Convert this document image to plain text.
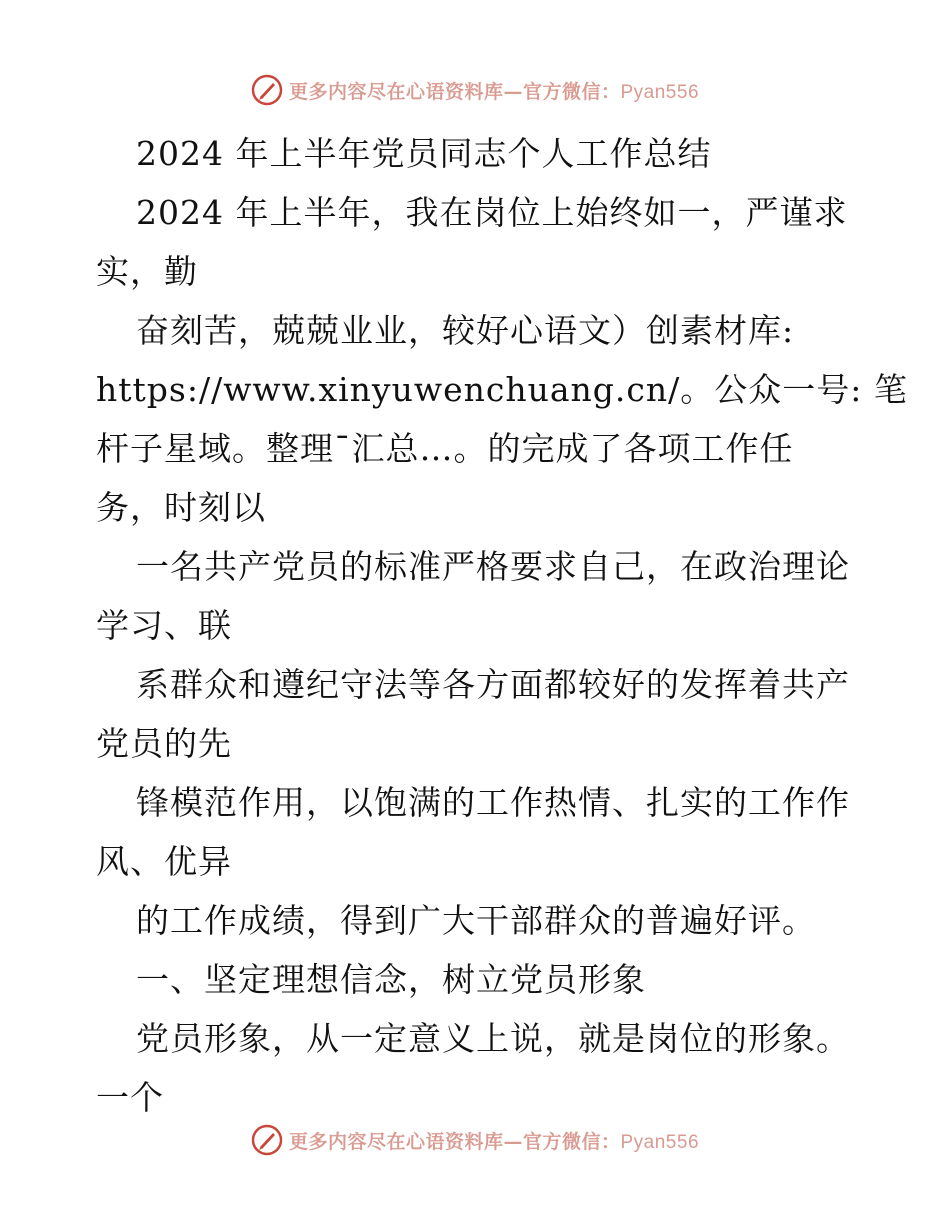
更多内容尽在心语资料库—官方微信：Pyan556
2024 年上半年党员同志个人工作总结
2024 年上半年，我在岗位上始终如一，严谨求
实，勤
奋刻苦，兢兢业业，较好心语文）创素材库:
https://www.xinyuwenchuang.cn/。公众一号: 笔
杆子星域。整理¯汇总…。的完成了各项工作任
务，时刻以
一名共产党员的标准严格要求自己，在政治理论
学习、联
系群众和遵纪守法等各方面都较好的发挥着共产
党员的先
锋模范作用，以饱满的工作热情、扎实的工作作
风、优异
的工作成绩，得到广大干部群众的普遍好评。
一、坚定理想信念，树立党员形象
党员形象，从一定意义上说，就是岗位的形象。
一个
更多内容尽在心语资料库—官方微信：Pyan556
